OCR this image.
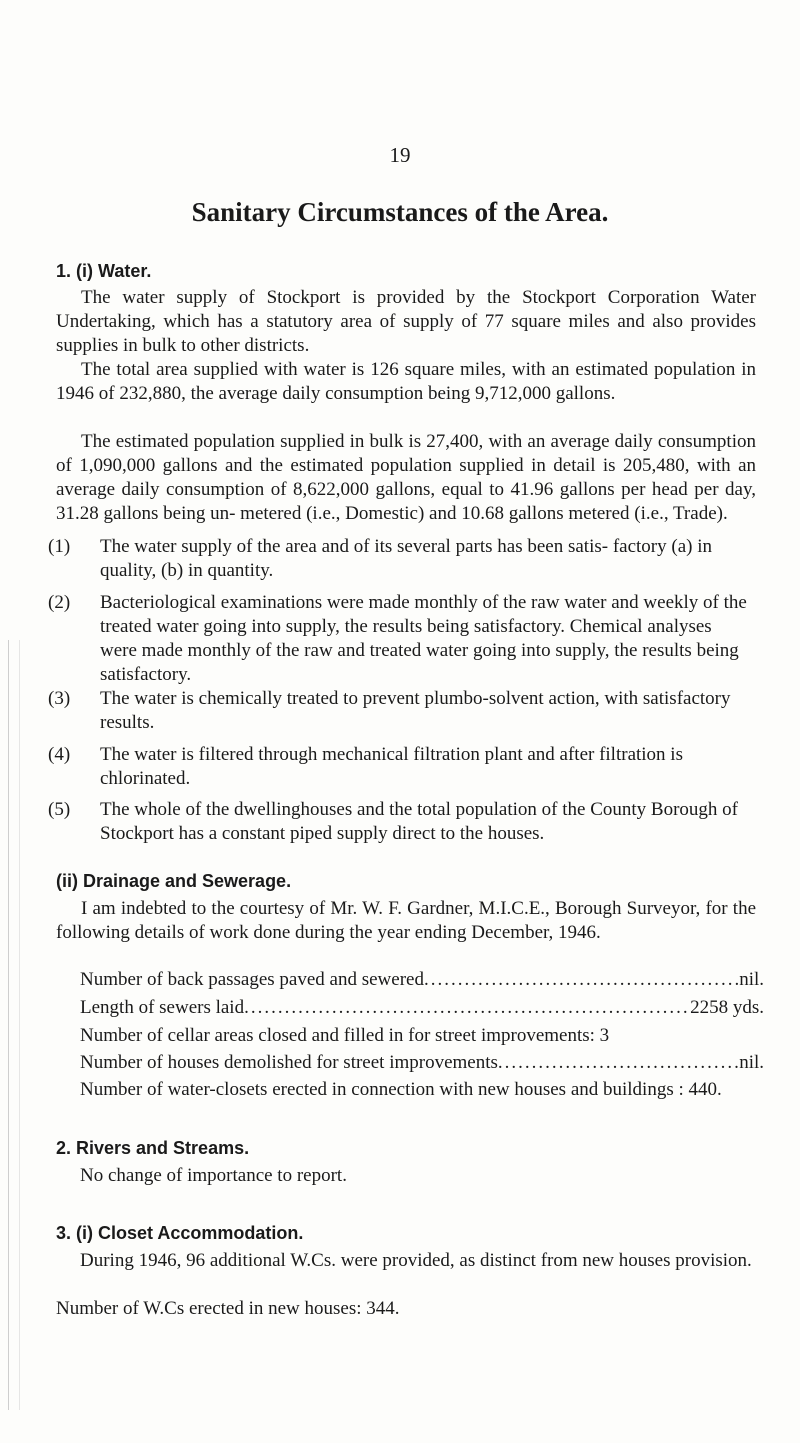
19
Sanitary Circumstances of the Area.
1. (i) Water.

The water supply of Stockport is provided by the Stockport Corporation Water Undertaking, which has a statutory area of supply of 77 square miles and also provides supplies in bulk to other districts.

The total area supplied with water is 126 square miles, with an estimated population in 1946 of 232,880, the average daily consumption being 9,712,000 gallons.

The estimated population supplied in bulk is 27,400, with an average daily consumption of 1,090,000 gallons and the estimated population supplied in detail is 205,480, with an average daily consumption of 8,622,000 gallons, equal to 41.96 gallons per head per day, 31.28 gallons being un- metered (i.e., Domestic) and 10.68 gallons metered (i.e., Trade).

(1) The water supply of the area and of its several parts has been satis- factory (a) in quality, (b) in quantity.
(2) Bacteriological examinations were made monthly of the raw water and weekly of the treated water going into supply, the results being satisfactory. Chemical analyses were made monthly of the raw and treated water going into supply, the results being satisfactory.
(3) The water is chemically treated to prevent plumbo-solvent action, with satisfactory results.
(4) The water is filtered through mechanical filtration plant and after filtration is chlorinated.
(5) The whole of the dwellinghouses and the total population of the County Borough of Stockport has a constant piped supply direct to the houses.
(ii) Drainage and Sewerage.

I am indebted to the courtesy of Mr. W. F. Gardner, M.I.C.E., Borough Surveyor, for the following details of work done during the year ending December, 1946.

Number of back passages paved and sewered .....	nil.
Length of sewers laid .....	2258 yds.
Number of cellar areas closed and filled in for street improvements: 3
Number of houses demolished for street improvements .....	nil.

Number of water-closets erected in connection with new houses and buildings : 440.

2. Rivers and Streams.

No change of importance to report.

3. (i) Closet Accommodation.

During 1946, 96 additional W.Cs. were provided, as distinct from new houses provision.

Number of W.Cs erected in new houses: 344.
